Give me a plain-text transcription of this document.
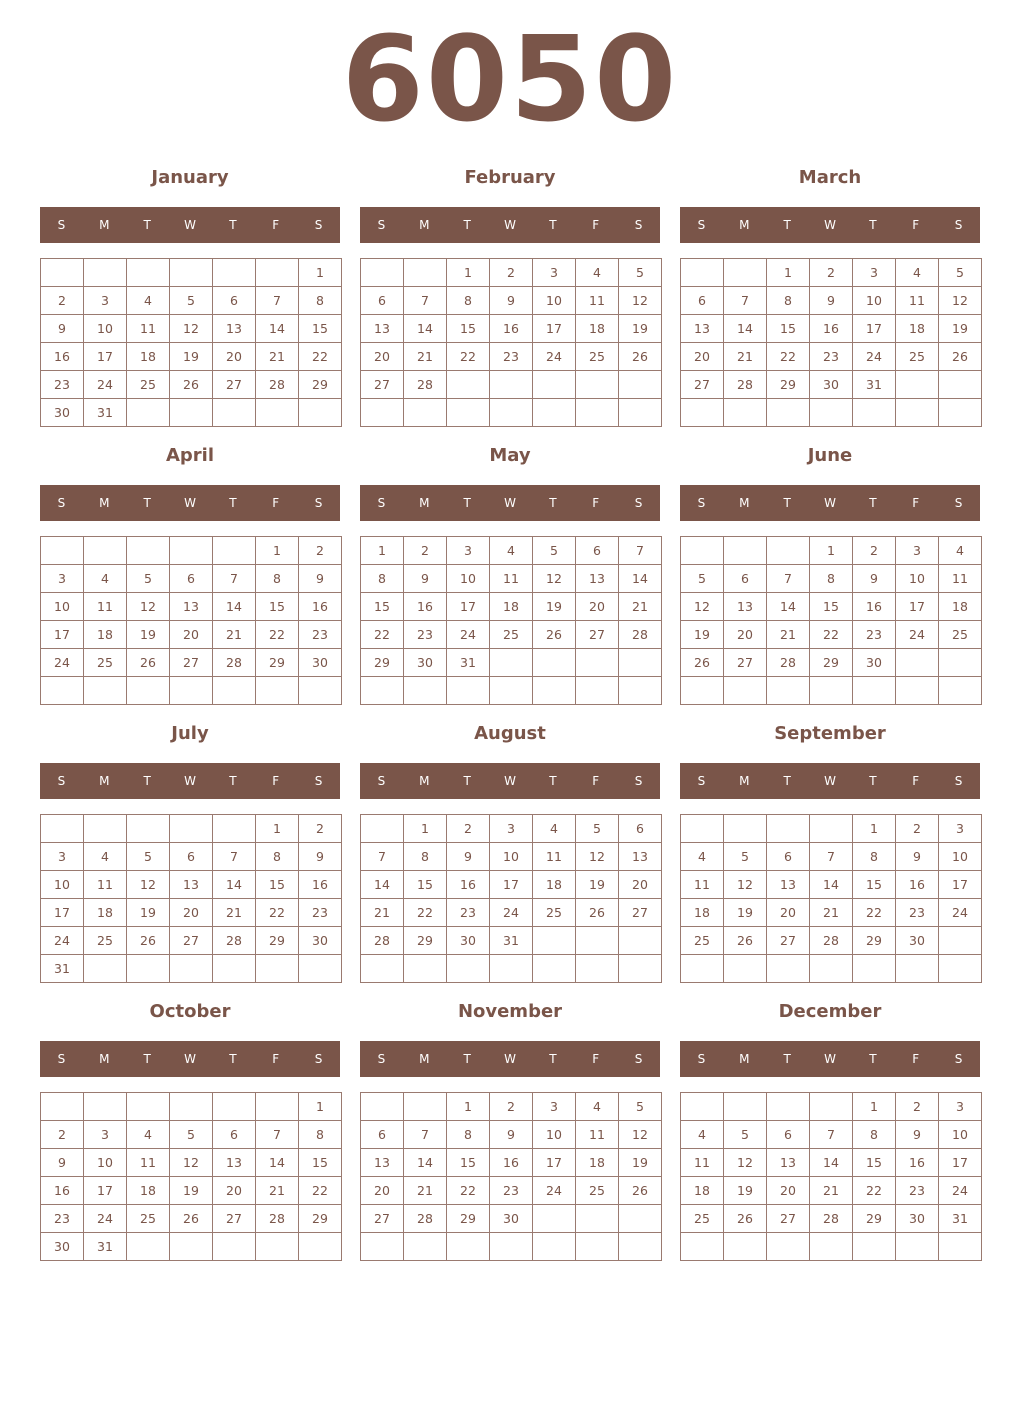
6050
January
S	M	T	W	T	F	S
						1
2	3	4	5	6	7	8
9	10	11	12	13	14	15
16	17	18	19	20	21	22
23	24	25	26	27	28	29
30	31					
February
S	M	T	W	T	F	S
		1	2	3	4	5
6	7	8	9	10	11	12
13	14	15	16	17	18	19
20	21	22	23	24	25	26
27	28					

March
S	M	T	W	T	F	S
		1	2	3	4	5
6	7	8	9	10	11	12
13	14	15	16	17	18	19
20	21	22	23	24	25	26
27	28	29	30	31		

April
S	M	T	W	T	F	S
					1	2
3	4	5	6	7	8	9
10	11	12	13	14	15	16
17	18	19	20	21	22	23
24	25	26	27	28	29	30

May
S	M	T	W	T	F	S
1	2	3	4	5	6	7
8	9	10	11	12	13	14
15	16	17	18	19	20	21
22	23	24	25	26	27	28
29	30	31				

June
S	M	T	W	T	F	S
			1	2	3	4
5	6	7	8	9	10	11
12	13	14	15	16	17	18
19	20	21	22	23	24	25
26	27	28	29	30		

July
S	M	T	W	T	F	S
					1	2
3	4	5	6	7	8	9
10	11	12	13	14	15	16
17	18	19	20	21	22	23
24	25	26	27	28	29	30
31						
August
S	M	T	W	T	F	S
	1	2	3	4	5	6
7	8	9	10	11	12	13
14	15	16	17	18	19	20
21	22	23	24	25	26	27
28	29	30	31			

September
S	M	T	W	T	F	S
				1	2	3
4	5	6	7	8	9	10
11	12	13	14	15	16	17
18	19	20	21	22	23	24
25	26	27	28	29	30	

October
S	M	T	W	T	F	S
						1
2	3	4	5	6	7	8
9	10	11	12	13	14	15
16	17	18	19	20	21	22
23	24	25	26	27	28	29
30	31					
November
S	M	T	W	T	F	S
		1	2	3	4	5
6	7	8	9	10	11	12
13	14	15	16	17	18	19
20	21	22	23	24	25	26
27	28	29	30			

December
S	M	T	W	T	F	S
				1	2	3
4	5	6	7	8	9	10
11	12	13	14	15	16	17
18	19	20	21	22	23	24
25	26	27	28	29	30	31
